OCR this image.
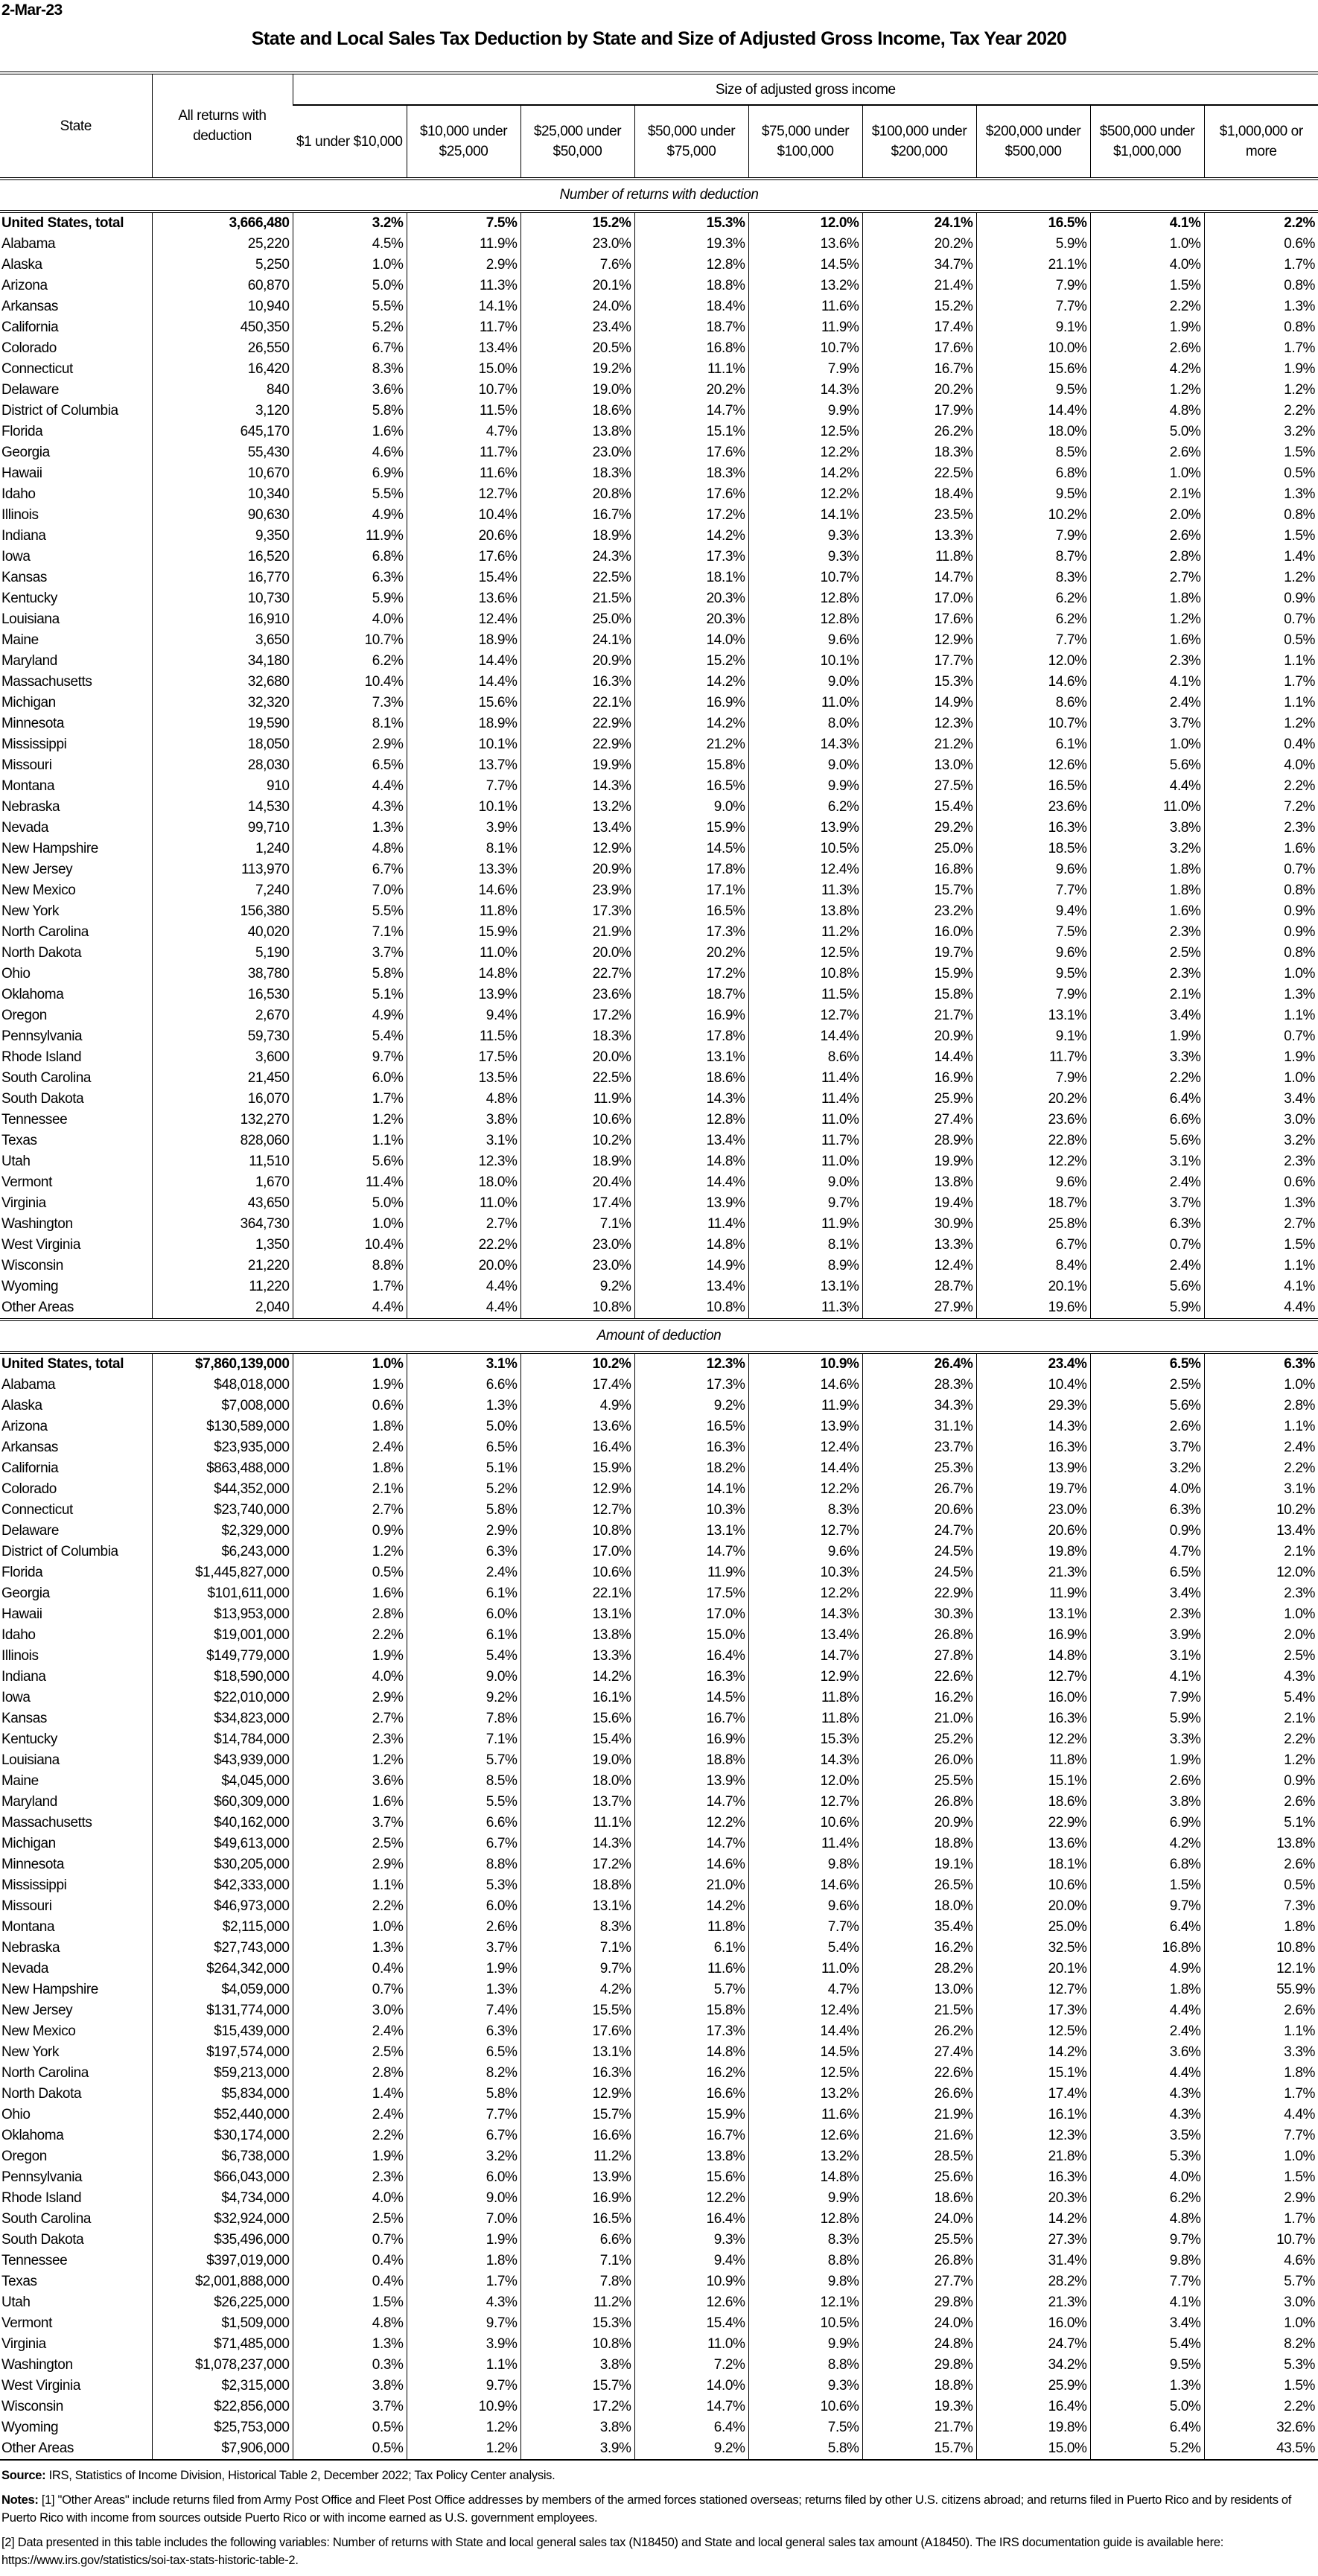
2-Mar-23
State and Local Sales Tax Deduction by State and Size of Adjusted Gross Income, Tax Year 2020
State	All returns with deduction	Size of adjusted gross income								
		$1 under $10,000	$10,000 under $25,000	$25,000 under $50,000	$50,000 under $75,000	$75,000 under $100,000	$100,000 under $200,000	$200,000 under $500,000	$500,000 under $1,000,000	$1,000,000 or more
Number of returns with deduction										
United States, total	3,666,480	3.2%	7.5%	15.2%	15.3%	12.0%	24.1%	16.5%	4.1%	2.2%
Alabama	25,220	4.5%	11.9%	23.0%	19.3%	13.6%	20.2%	5.9%	1.0%	0.6%
Alaska	5,250	1.0%	2.9%	7.6%	12.8%	14.5%	34.7%	21.1%	4.0%	1.7%
Arizona	60,870	5.0%	11.3%	20.1%	18.8%	13.2%	21.4%	7.9%	1.5%	0.8%
Arkansas	10,940	5.5%	14.1%	24.0%	18.4%	11.6%	15.2%	7.7%	2.2%	1.3%
California	450,350	5.2%	11.7%	23.4%	18.7%	11.9%	17.4%	9.1%	1.9%	0.8%
Colorado	26,550	6.7%	13.4%	20.5%	16.8%	10.7%	17.6%	10.0%	2.6%	1.7%
Connecticut	16,420	8.3%	15.0%	19.2%	11.1%	7.9%	16.7%	15.6%	4.2%	1.9%
Delaware	840	3.6%	10.7%	19.0%	20.2%	14.3%	20.2%	9.5%	1.2%	1.2%
District of Columbia	3,120	5.8%	11.5%	18.6%	14.7%	9.9%	17.9%	14.4%	4.8%	2.2%
Florida	645,170	1.6%	4.7%	13.8%	15.1%	12.5%	26.2%	18.0%	5.0%	3.2%
Georgia	55,430	4.6%	11.7%	23.0%	17.6%	12.2%	18.3%	8.5%	2.6%	1.5%
Hawaii	10,670	6.9%	11.6%	18.3%	18.3%	14.2%	22.5%	6.8%	1.0%	0.5%
Idaho	10,340	5.5%	12.7%	20.8%	17.6%	12.2%	18.4%	9.5%	2.1%	1.3%
Illinois	90,630	4.9%	10.4%	16.7%	17.2%	14.1%	23.5%	10.2%	2.0%	0.8%
Indiana	9,350	11.9%	20.6%	18.9%	14.2%	9.3%	13.3%	7.9%	2.6%	1.5%
Iowa	16,520	6.8%	17.6%	24.3%	17.3%	9.3%	11.8%	8.7%	2.8%	1.4%
Kansas	16,770	6.3%	15.4%	22.5%	18.1%	10.7%	14.7%	8.3%	2.7%	1.2%
Kentucky	10,730	5.9%	13.6%	21.5%	20.3%	12.8%	17.0%	6.2%	1.8%	0.9%
Louisiana	16,910	4.0%	12.4%	25.0%	20.3%	12.8%	17.6%	6.2%	1.2%	0.7%
Maine	3,650	10.7%	18.9%	24.1%	14.0%	9.6%	12.9%	7.7%	1.6%	0.5%
Maryland	34,180	6.2%	14.4%	20.9%	15.2%	10.1%	17.7%	12.0%	2.3%	1.1%
Massachusetts	32,680	10.4%	14.4%	16.3%	14.2%	9.0%	15.3%	14.6%	4.1%	1.7%
Michigan	32,320	7.3%	15.6%	22.1%	16.9%	11.0%	14.9%	8.6%	2.4%	1.1%
Minnesota	19,590	8.1%	18.9%	22.9%	14.2%	8.0%	12.3%	10.7%	3.7%	1.2%
Mississippi	18,050	2.9%	10.1%	22.9%	21.2%	14.3%	21.2%	6.1%	1.0%	0.4%
Missouri	28,030	6.5%	13.7%	19.9%	15.8%	9.0%	13.0%	12.6%	5.6%	4.0%
Montana	910	4.4%	7.7%	14.3%	16.5%	9.9%	27.5%	16.5%	4.4%	2.2%
Nebraska	14,530	4.3%	10.1%	13.2%	9.0%	6.2%	15.4%	23.6%	11.0%	7.2%
Nevada	99,710	1.3%	3.9%	13.4%	15.9%	13.9%	29.2%	16.3%	3.8%	2.3%
New Hampshire	1,240	4.8%	8.1%	12.9%	14.5%	10.5%	25.0%	18.5%	3.2%	1.6%
New Jersey	113,970	6.7%	13.3%	20.9%	17.8%	12.4%	16.8%	9.6%	1.8%	0.7%
New Mexico	7,240	7.0%	14.6%	23.9%	17.1%	11.3%	15.7%	7.7%	1.8%	0.8%
New York	156,380	5.5%	11.8%	17.3%	16.5%	13.8%	23.2%	9.4%	1.6%	0.9%
North Carolina	40,020	7.1%	15.9%	21.9%	17.3%	11.2%	16.0%	7.5%	2.3%	0.9%
North Dakota	5,190	3.7%	11.0%	20.0%	20.2%	12.5%	19.7%	9.6%	2.5%	0.8%
Ohio	38,780	5.8%	14.8%	22.7%	17.2%	10.8%	15.9%	9.5%	2.3%	1.0%
Oklahoma	16,530	5.1%	13.9%	23.6%	18.7%	11.5%	15.8%	7.9%	2.1%	1.3%
Oregon	2,670	4.9%	9.4%	17.2%	16.9%	12.7%	21.7%	13.1%	3.4%	1.1%
Pennsylvania	59,730	5.4%	11.5%	18.3%	17.8%	14.4%	20.9%	9.1%	1.9%	0.7%
Rhode Island	3,600	9.7%	17.5%	20.0%	13.1%	8.6%	14.4%	11.7%	3.3%	1.9%
South Carolina	21,450	6.0%	13.5%	22.5%	18.6%	11.4%	16.9%	7.9%	2.2%	1.0%
South Dakota	16,070	1.7%	4.8%	11.9%	14.3%	11.4%	25.9%	20.2%	6.4%	3.4%
Tennessee	132,270	1.2%	3.8%	10.6%	12.8%	11.0%	27.4%	23.6%	6.6%	3.0%
Texas	828,060	1.1%	3.1%	10.2%	13.4%	11.7%	28.9%	22.8%	5.6%	3.2%
Utah	11,510	5.6%	12.3%	18.9%	14.8%	11.0%	19.9%	12.2%	3.1%	2.3%
Vermont	1,670	11.4%	18.0%	20.4%	14.4%	9.0%	13.8%	9.6%	2.4%	0.6%
Virginia	43,650	5.0%	11.0%	17.4%	13.9%	9.7%	19.4%	18.7%	3.7%	1.3%
Washington	364,730	1.0%	2.7%	7.1%	11.4%	11.9%	30.9%	25.8%	6.3%	2.7%
West Virginia	1,350	10.4%	22.2%	23.0%	14.8%	8.1%	13.3%	6.7%	0.7%	1.5%
Wisconsin	21,220	8.8%	20.0%	23.0%	14.9%	8.9%	12.4%	8.4%	2.4%	1.1%
Wyoming	11,220	1.7%	4.4%	9.2%	13.4%	13.1%	28.7%	20.1%	5.6%	4.1%
Other Areas	2,040	4.4%	4.4%	10.8%	10.8%	11.3%	27.9%	19.6%	5.9%	4.4%
Amount of deduction										
United States, total	$7,860,139,000	1.0%	3.1%	10.2%	12.3%	10.9%	26.4%	23.4%	6.5%	6.3%
Alabama	$48,018,000	1.9%	6.6%	17.4%	17.3%	14.6%	28.3%	10.4%	2.5%	1.0%
Alaska	$7,008,000	0.6%	1.3%	4.9%	9.2%	11.9%	34.3%	29.3%	5.6%	2.8%
Arizona	$130,589,000	1.8%	5.0%	13.6%	16.5%	13.9%	31.1%	14.3%	2.6%	1.1%
Arkansas	$23,935,000	2.4%	6.5%	16.4%	16.3%	12.4%	23.7%	16.3%	3.7%	2.4%
California	$863,488,000	1.8%	5.1%	15.9%	18.2%	14.4%	25.3%	13.9%	3.2%	2.2%
Colorado	$44,352,000	2.1%	5.2%	12.9%	14.1%	12.2%	26.7%	19.7%	4.0%	3.1%
Connecticut	$23,740,000	2.7%	5.8%	12.7%	10.3%	8.3%	20.6%	23.0%	6.3%	10.2%
Delaware	$2,329,000	0.9%	2.9%	10.8%	13.1%	12.7%	24.7%	20.6%	0.9%	13.4%
District of Columbia	$6,243,000	1.2%	6.3%	17.0%	14.7%	9.6%	24.5%	19.8%	4.7%	2.1%
Florida	$1,445,827,000	0.5%	2.4%	10.6%	11.9%	10.3%	24.5%	21.3%	6.5%	12.0%
Georgia	$101,611,000	1.6%	6.1%	22.1%	17.5%	12.2%	22.9%	11.9%	3.4%	2.3%
Hawaii	$13,953,000	2.8%	6.0%	13.1%	17.0%	14.3%	30.3%	13.1%	2.3%	1.0%
Idaho	$19,001,000	2.2%	6.1%	13.8%	15.0%	13.4%	26.8%	16.9%	3.9%	2.0%
Illinois	$149,779,000	1.9%	5.4%	13.3%	16.4%	14.7%	27.8%	14.8%	3.1%	2.5%
Indiana	$18,590,000	4.0%	9.0%	14.2%	16.3%	12.9%	22.6%	12.7%	4.1%	4.3%
Iowa	$22,010,000	2.9%	9.2%	16.1%	14.5%	11.8%	16.2%	16.0%	7.9%	5.4%
Kansas	$34,823,000	2.7%	7.8%	15.6%	16.7%	11.8%	21.0%	16.3%	5.9%	2.1%
Kentucky	$14,784,000	2.3%	7.1%	15.4%	16.9%	15.3%	25.2%	12.2%	3.3%	2.2%
Louisiana	$43,939,000	1.2%	5.7%	19.0%	18.8%	14.3%	26.0%	11.8%	1.9%	1.2%
Maine	$4,045,000	3.6%	8.5%	18.0%	13.9%	12.0%	25.5%	15.1%	2.6%	0.9%
Maryland	$60,309,000	1.6%	5.5%	13.7%	14.7%	12.7%	26.8%	18.6%	3.8%	2.6%
Massachusetts	$40,162,000	3.7%	6.6%	11.1%	12.2%	10.6%	20.9%	22.9%	6.9%	5.1%
Michigan	$49,613,000	2.5%	6.7%	14.3%	14.7%	11.4%	18.8%	13.6%	4.2%	13.8%
Minnesota	$30,205,000	2.9%	8.8%	17.2%	14.6%	9.8%	19.1%	18.1%	6.8%	2.6%
Mississippi	$42,333,000	1.1%	5.3%	18.8%	21.0%	14.6%	26.5%	10.6%	1.5%	0.5%
Missouri	$46,973,000	2.2%	6.0%	13.1%	14.2%	9.6%	18.0%	20.0%	9.7%	7.3%
Montana	$2,115,000	1.0%	2.6%	8.3%	11.8%	7.7%	35.4%	25.0%	6.4%	1.8%
Nebraska	$27,743,000	1.3%	3.7%	7.1%	6.1%	5.4%	16.2%	32.5%	16.8%	10.8%
Nevada	$264,342,000	0.4%	1.9%	9.7%	11.6%	11.0%	28.2%	20.1%	4.9%	12.1%
New Hampshire	$4,059,000	0.7%	1.3%	4.2%	5.7%	4.7%	13.0%	12.7%	1.8%	55.9%
New Jersey	$131,774,000	3.0%	7.4%	15.5%	15.8%	12.4%	21.5%	17.3%	4.4%	2.6%
New Mexico	$15,439,000	2.4%	6.3%	17.6%	17.3%	14.4%	26.2%	12.5%	2.4%	1.1%
New York	$197,574,000	2.5%	6.5%	13.1%	14.8%	14.5%	27.4%	14.2%	3.6%	3.3%
North Carolina	$59,213,000	2.8%	8.2%	16.3%	16.2%	12.5%	22.6%	15.1%	4.4%	1.8%
North Dakota	$5,834,000	1.4%	5.8%	12.9%	16.6%	13.2%	26.6%	17.4%	4.3%	1.7%
Ohio	$52,440,000	2.4%	7.7%	15.7%	15.9%	11.6%	21.9%	16.1%	4.3%	4.4%
Oklahoma	$30,174,000	2.2%	6.7%	16.6%	16.7%	12.6%	21.6%	12.3%	3.5%	7.7%
Oregon	$6,738,000	1.9%	3.2%	11.2%	13.8%	13.2%	28.5%	21.8%	5.3%	1.0%
Pennsylvania	$66,043,000	2.3%	6.0%	13.9%	15.6%	14.8%	25.6%	16.3%	4.0%	1.5%
Rhode Island	$4,734,000	4.0%	9.0%	16.9%	12.2%	9.9%	18.6%	20.3%	6.2%	2.9%
South Carolina	$32,924,000	2.5%	7.0%	16.5%	16.4%	12.8%	24.0%	14.2%	4.8%	1.7%
South Dakota	$35,496,000	0.7%	1.9%	6.6%	9.3%	8.3%	25.5%	27.3%	9.7%	10.7%
Tennessee	$397,019,000	0.4%	1.8%	7.1%	9.4%	8.8%	26.8%	31.4%	9.8%	4.6%
Texas	$2,001,888,000	0.4%	1.7%	7.8%	10.9%	9.8%	27.7%	28.2%	7.7%	5.7%
Utah	$26,225,000	1.5%	4.3%	11.2%	12.6%	12.1%	29.8%	21.3%	4.1%	3.0%
Vermont	$1,509,000	4.8%	9.7%	15.3%	15.4%	10.5%	24.0%	16.0%	3.4%	1.0%
Virginia	$71,485,000	1.3%	3.9%	10.8%	11.0%	9.9%	24.8%	24.7%	5.4%	8.2%
Washington	$1,078,237,000	0.3%	1.1%	3.8%	7.2%	8.8%	29.8%	34.2%	9.5%	5.3%
West Virginia	$2,315,000	3.8%	9.7%	15.7%	14.0%	9.3%	18.8%	25.9%	1.3%	1.5%
Wisconsin	$22,856,000	3.7%	10.9%	17.2%	14.7%	10.6%	19.3%	16.4%	5.0%	2.2%
Wyoming	$25,753,000	0.5%	1.2%	3.8%	6.4%	7.5%	21.7%	19.8%	6.4%	32.6%
Other Areas	$7,906,000	0.5%	1.2%	3.9%	9.2%	5.8%	15.7%	15.0%	5.2%	43.5%

Source: IRS, Statistics of Income Division, Historical Table 2, December 2022; Tax Policy Center analysis.

Notes: [1] "Other Areas" include returns filed from Army Post Office and Fleet Post Office addresses by members of the armed forces stationed overseas; returns filed by other U.S. citizens abroad; and returns filed in Puerto Rico and by residents of Puerto Rico with income from sources outside Puerto Rico or with income earned as U.S. government employees.

[2] Data presented in this table includes the following variables: Number of returns with State and local general sales tax (N18450) and State and local general sales tax amount (A18450). The IRS documentation guide is available here: https://www.irs.gov/statistics/soi-tax-stats-historic-table-2.
